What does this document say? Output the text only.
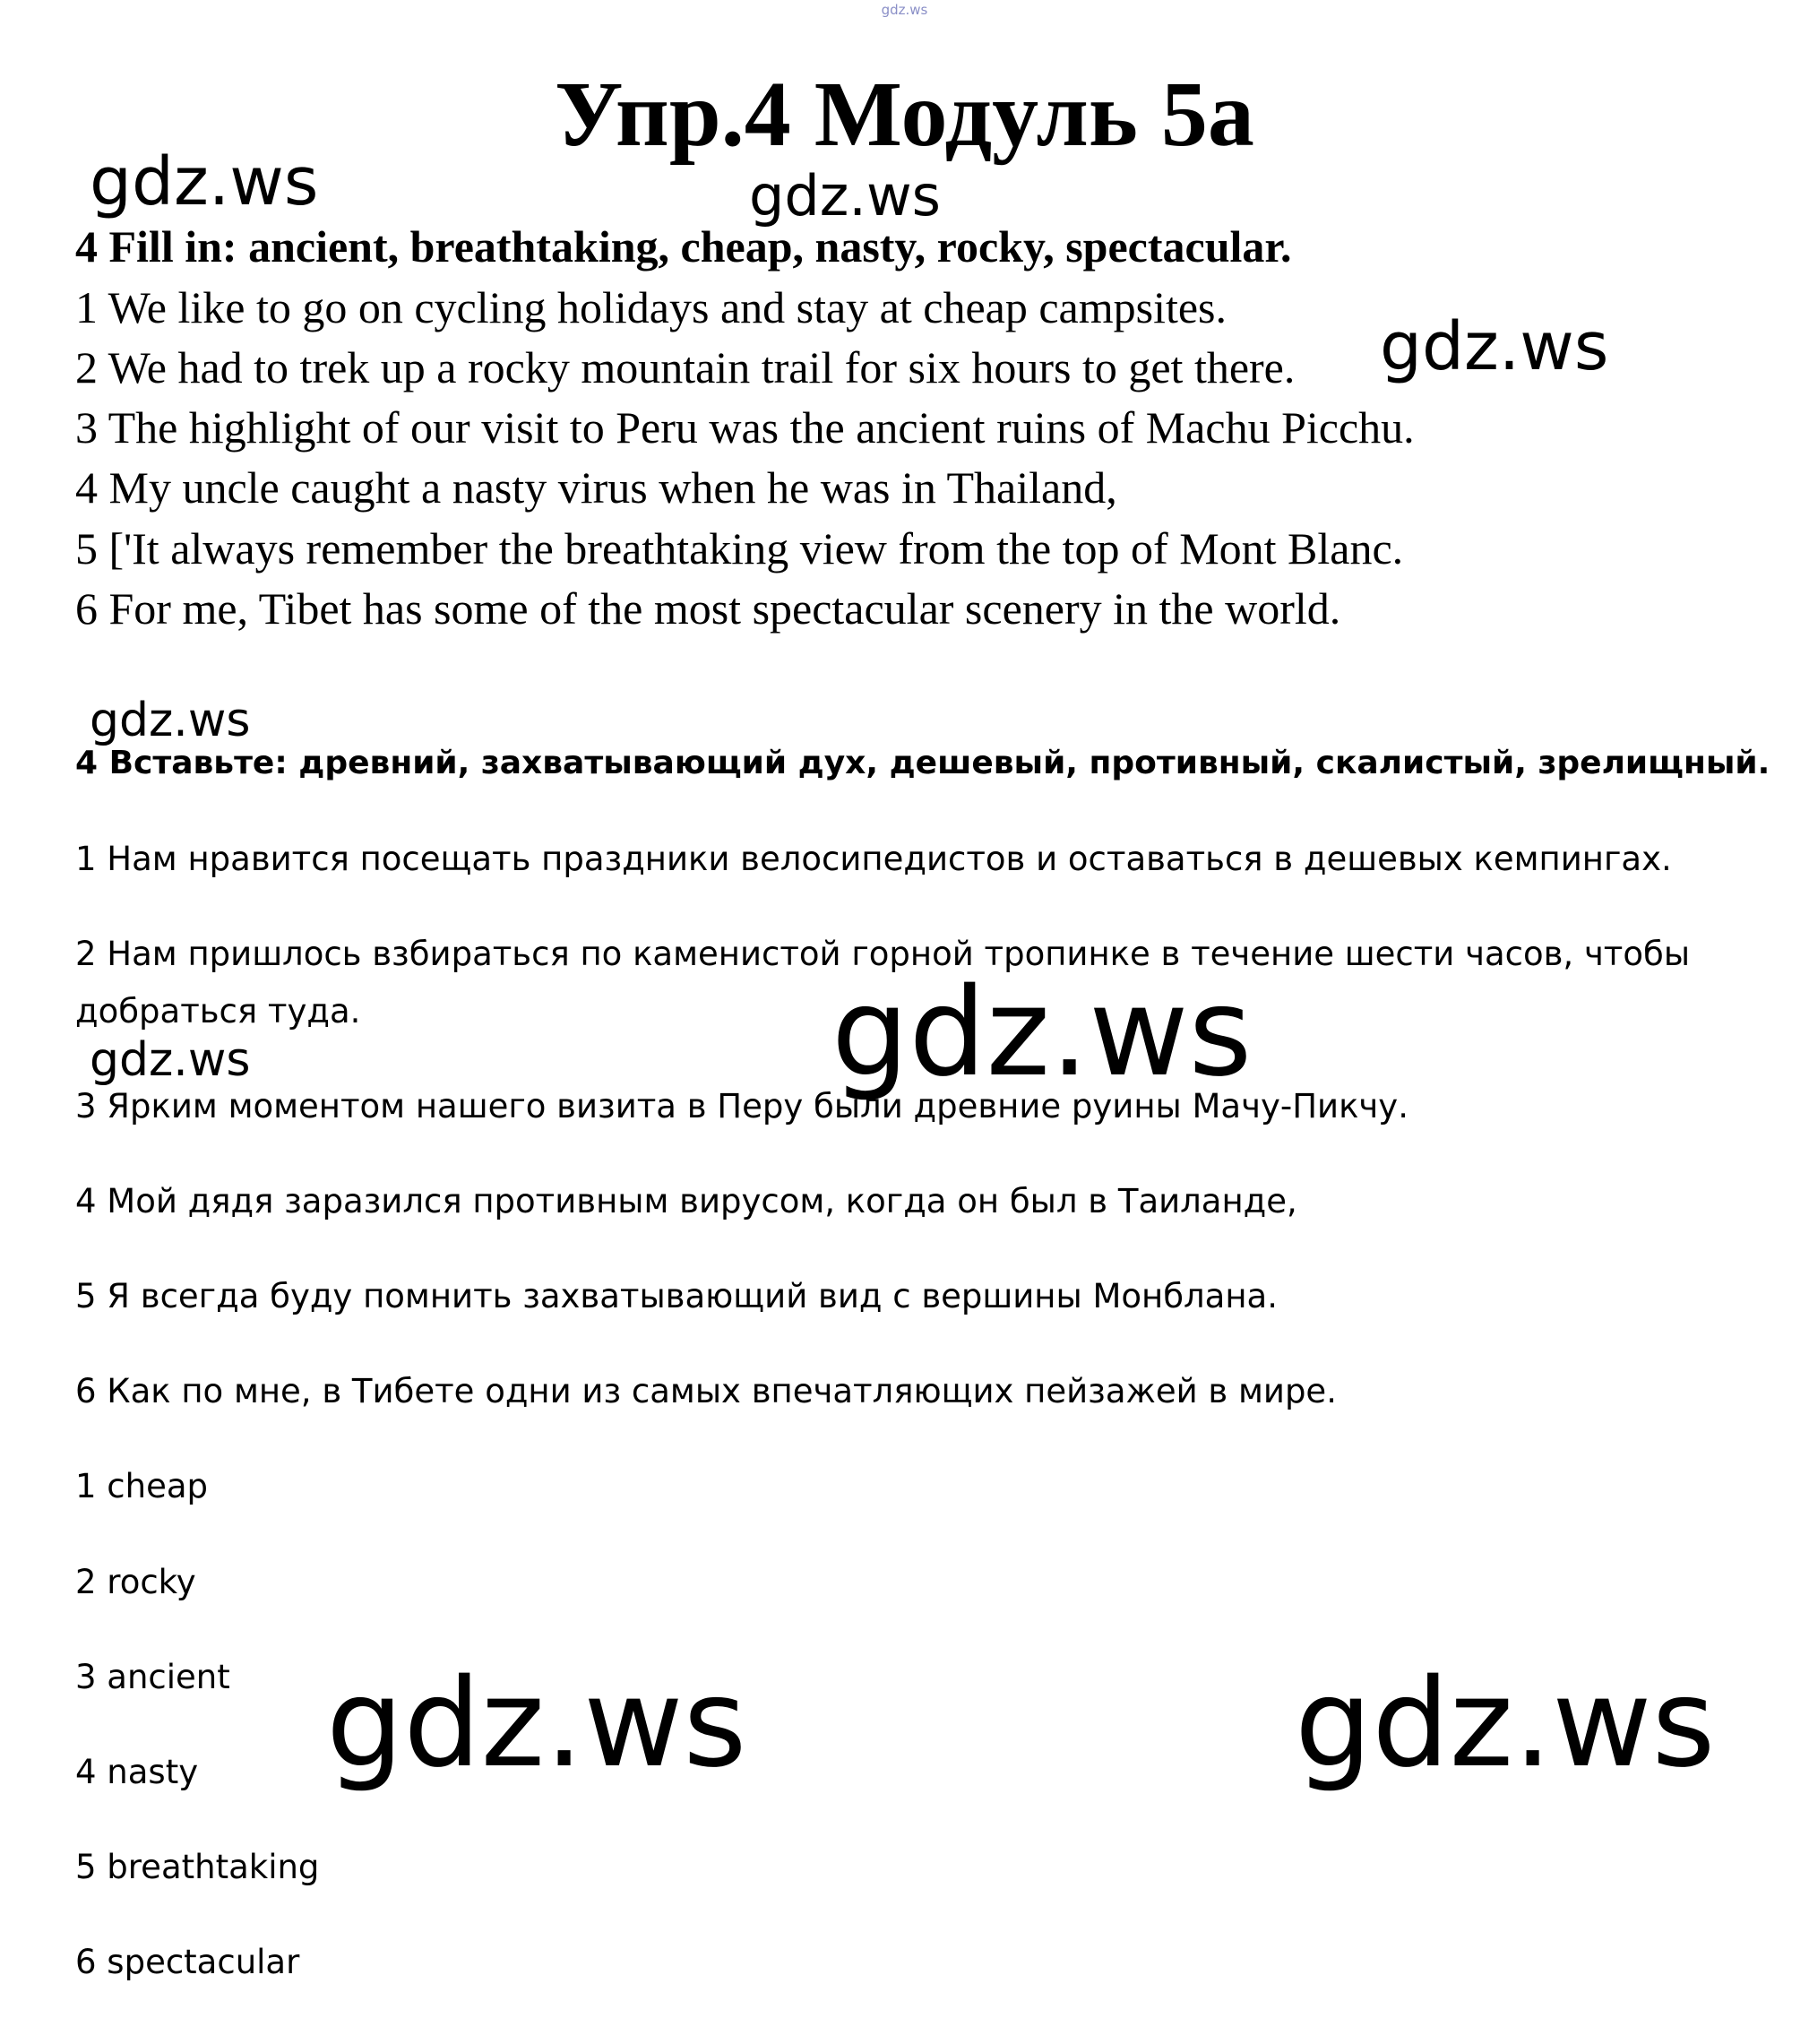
gdz.ws
Упр.4 Модуль 5а
4 Fill in: ancient, breathtaking, cheap, nasty, rocky, spectacular.
1 We like to go on cycling holidays and stay at cheap campsites.
2 We had to trek up a rocky mountain trail for six hours to get there.
3 The highlight of our visit to Peru was the ancient ruins of Machu Picchu.
4 My uncle caught a nasty virus when he was in Thailand,
5 ['It always remember the breathtaking view from the top of Mont Blanc.
6 For me, Tibet has some of the most spectacular scenery in the world.
4 Вставьте: древний, захватывающий дух, дешевый, противный, скалистый, зрелищный.
1 Нам нравится посещать праздники велосипедистов и оставаться в дешевых кемпингах.
2 Нам пришлось взбираться по каменистой горной тропинке в течение шести часов, чтобы
добраться туда.
3 Ярким моментом нашего визита в Перу были древние руины Мачу-Пикчу.
4 Мой дядя заразился противным вирусом, когда он был в Таиланде,
5 Я всегда буду помнить захватывающий вид с вершины Монблана.
6 Как по мне, в Тибете одни из самых впечатляющих пейзажей в мире.
1 cheap
2 rocky
3 ancient
4 nasty
5 breathtaking
6 spectacular
gdz.ws	gdz.ws
gdz.ws
gdz.ws
gdz.ws
gdz.ws
gdz.ws	gdz.ws
